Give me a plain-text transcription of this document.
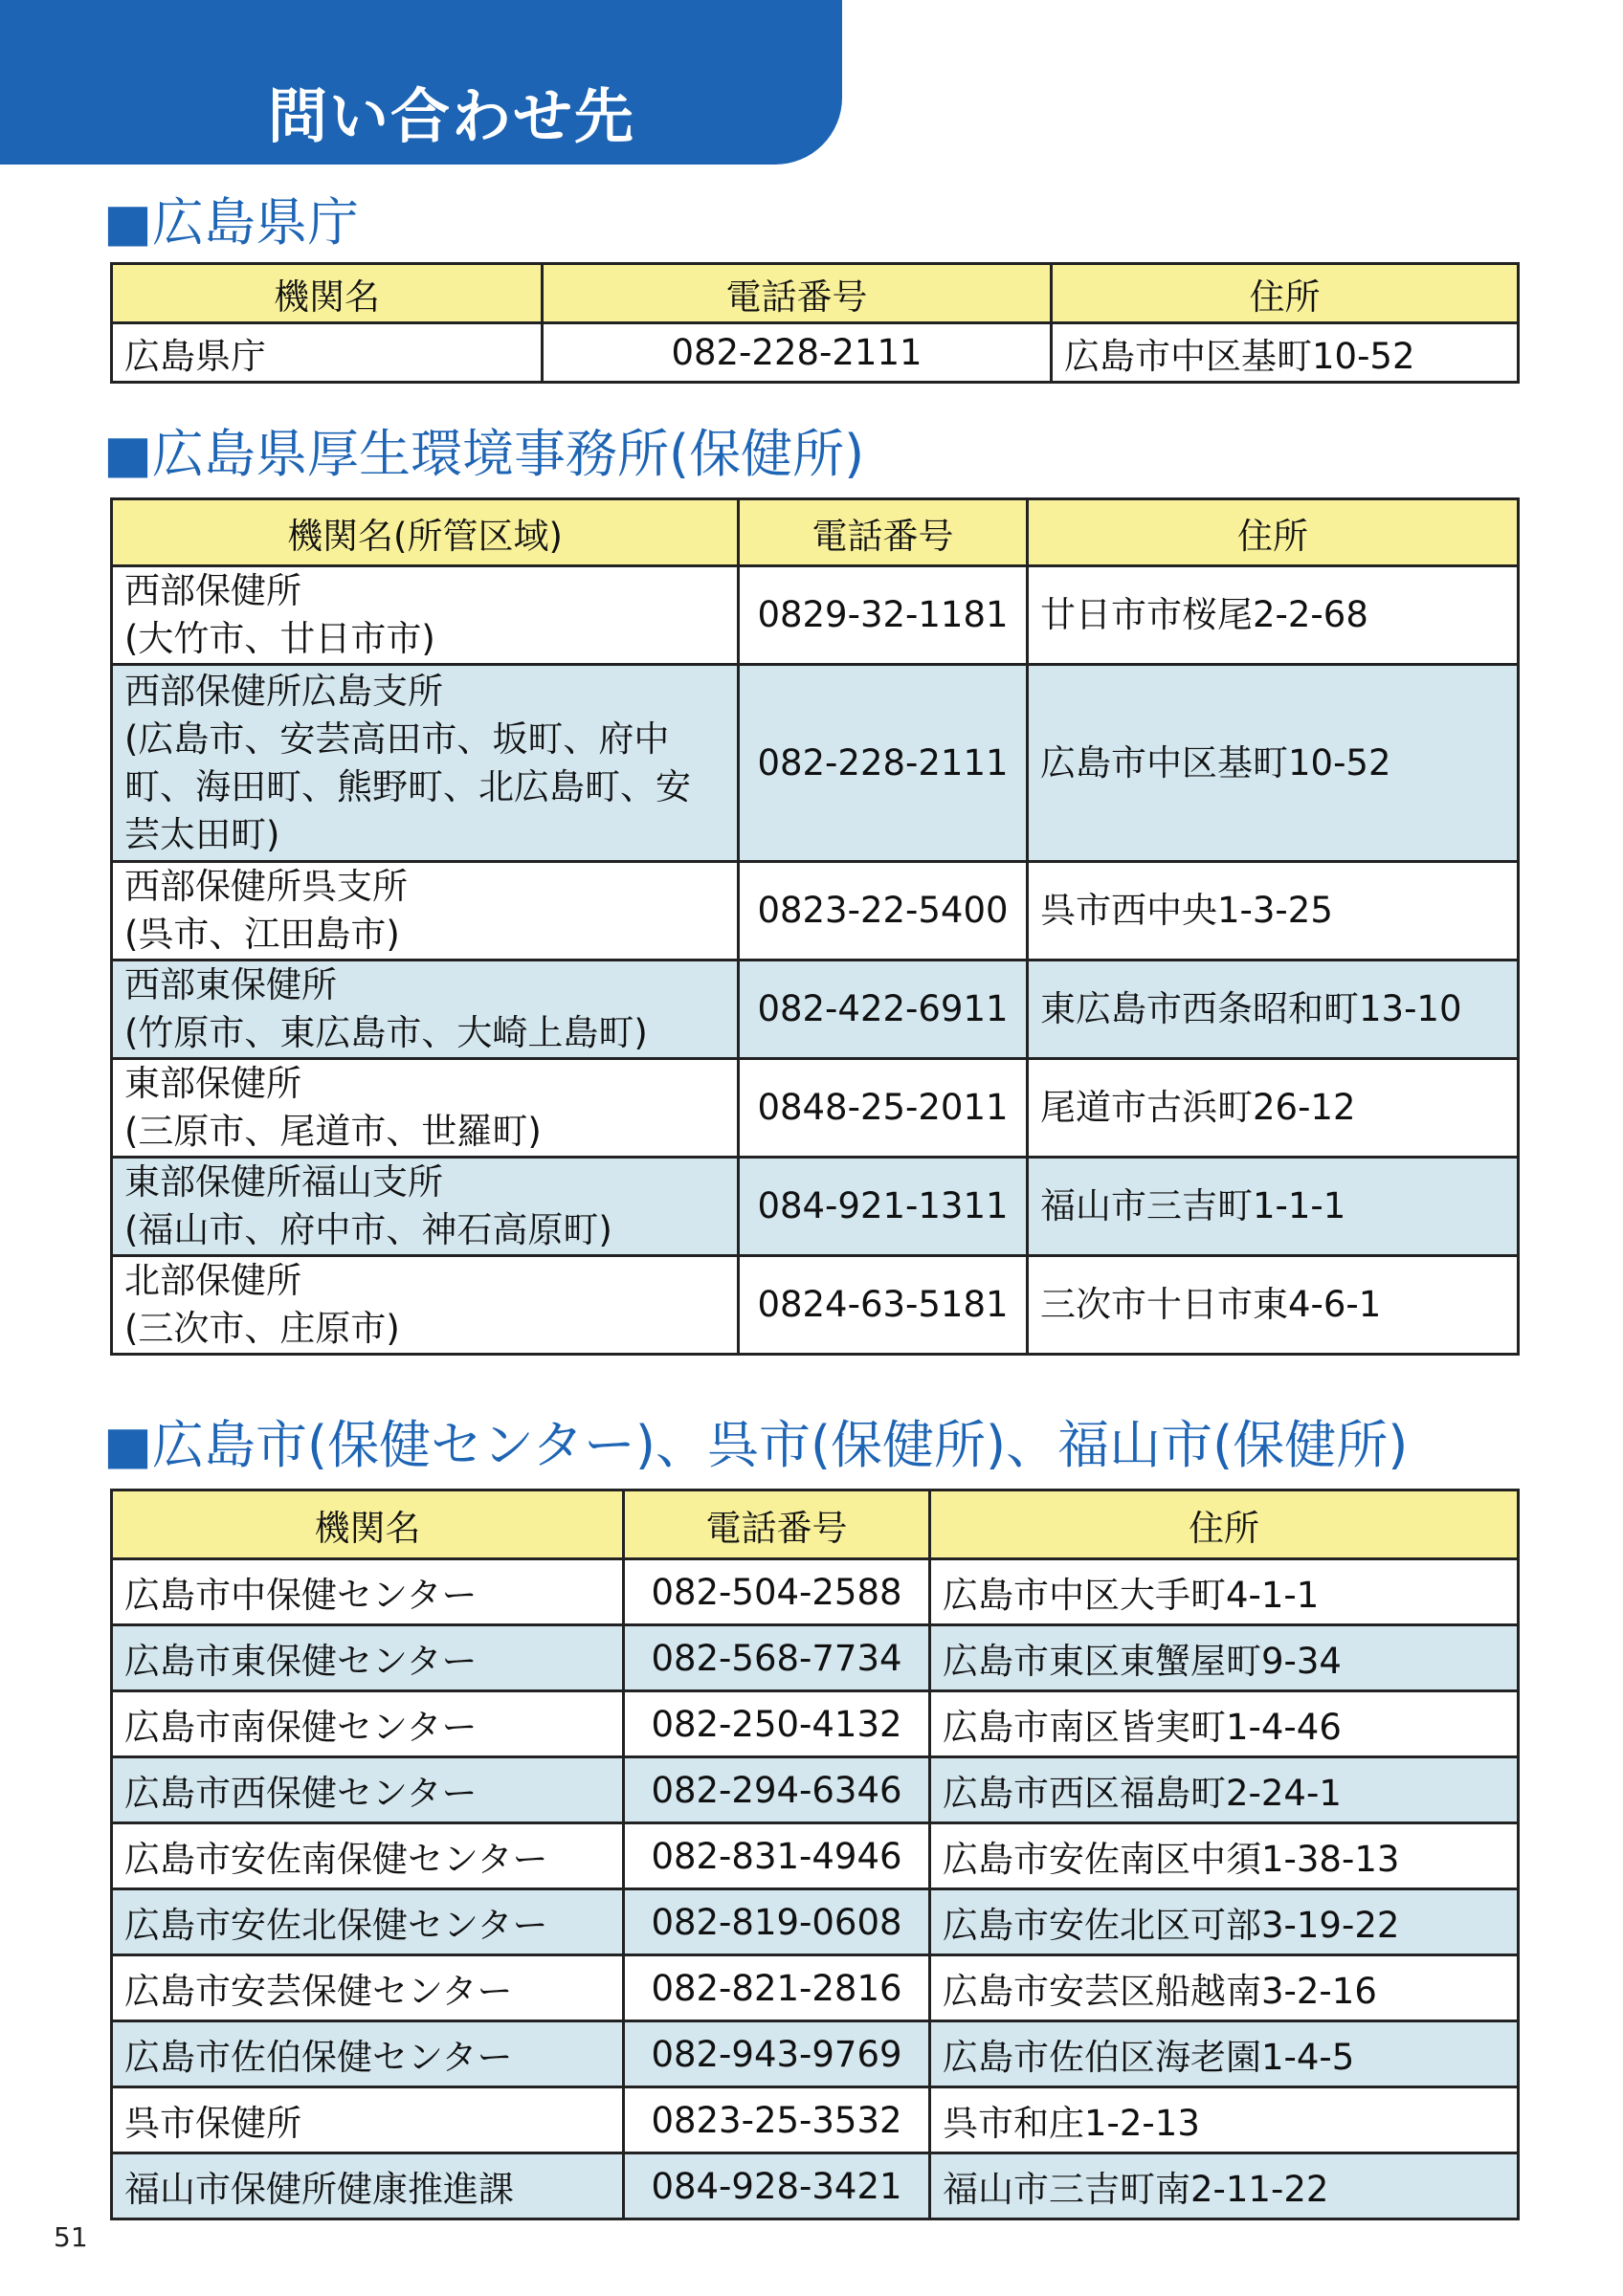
問い合わせ先
■広島県庁
機関名	電話番号	住所
広島県庁	082-228-2111	広島市中区基町10-52
■広島県厚生環境事務所(保健所)
機関名(所管区域)	電話番号	住所

西部保健所
(大竹市、廿日市市)	0829-32-1181	廿日市市桜尾2-2-68

西部保健所広島支所
(広島市、安芸高田市、坂町、府中
町、海田町、熊野町、北広島町、安
芸太田町)	082-228-2111	広島市中区基町10-52

西部保健所呉支所
(呉市、江田島市)	0823-22-5400	呉市西中央1-3-25

西部東保健所
(竹原市、東広島市、大崎上島町)	082-422-6911	東広島市西条昭和町13-10

東部保健所
(三原市、尾道市、世羅町)	0848-25-2011	尾道市古浜町26-12

東部保健所福山支所
(福山市、府中市、神石高原町)	084-921-1311	福山市三吉町1-1-1

北部保健所
(三次市、庄原市)	0824-63-5181	三次市十日市東4-6-1
■広島市(保健センター)、呉市(保健所)、福山市(保健所)
機関名	電話番号	住所
広島市中保健センター	082-504-2588	広島市中区大手町4-1-1
広島市東保健センター	082-568-7734	広島市東区東蟹屋町9-34
広島市南保健センター	082-250-4132	広島市南区皆実町1-4-46
広島市西保健センター	082-294-6346	広島市西区福島町2-24-1
広島市安佐南保健センター	082-831-4946	広島市安佐南区中須1-38-13
広島市安佐北保健センター	082-819-0608	広島市安佐北区可部3-19-22
広島市安芸保健センター	082-821-2816	広島市安芸区船越南3-2-16
広島市佐伯保健センター	082-943-9769	広島市佐伯区海老園1-4-5
呉市保健所	0823-25-3532	呉市和庄1-2-13
福山市保健所健康推進課	084-928-3421	福山市三吉町南2-11-22
51
